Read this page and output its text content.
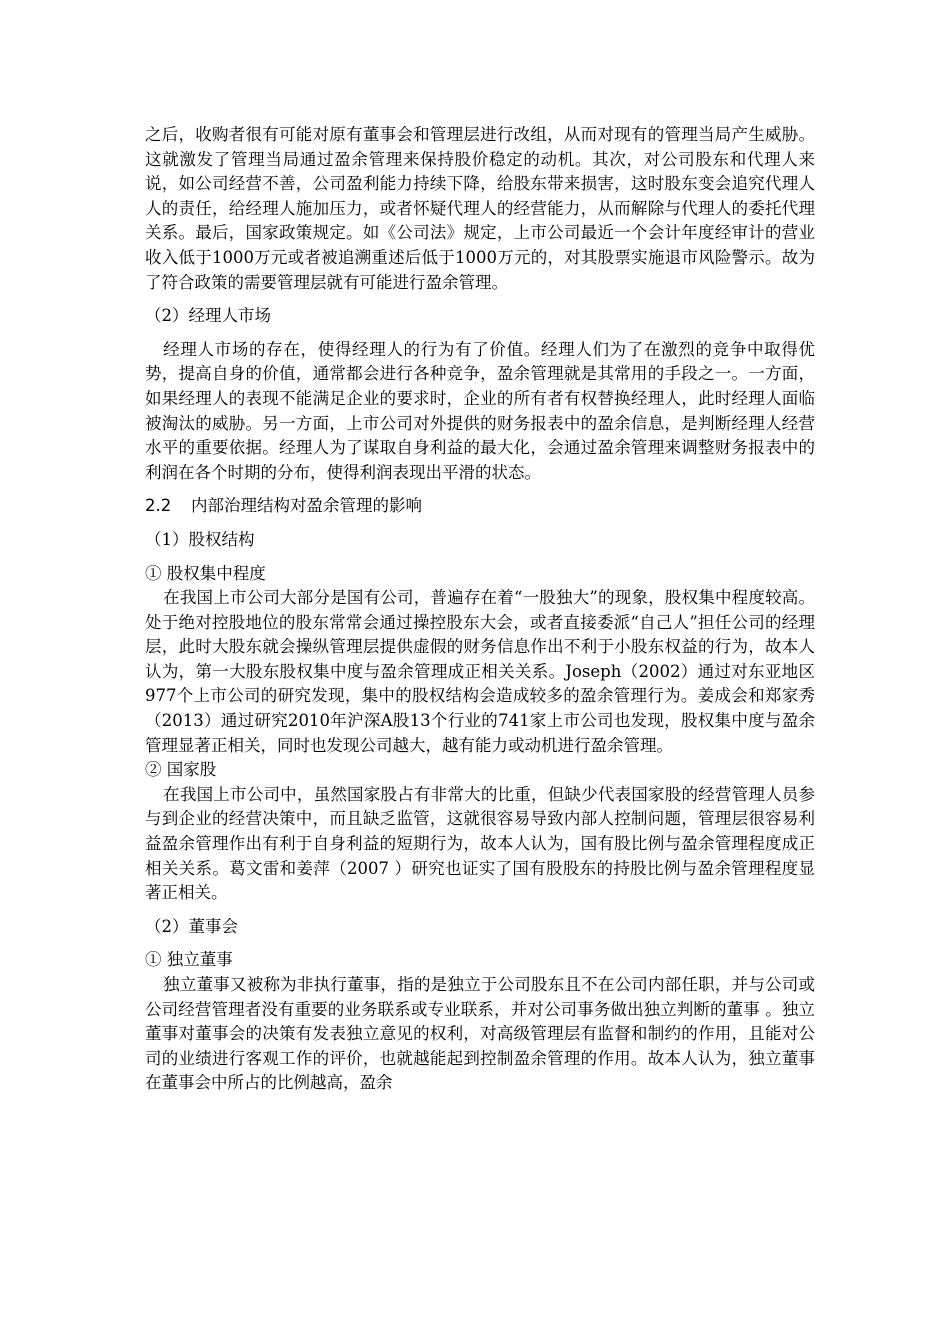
之后，收购者很有可能对原有董事会和管理层进行改组，从而对现有的管理当局产生威胁。这就激发了管理当局通过盈余管理来保持股价稳定的动机。其次，对公司股东和代理人来说，如公司经营不善，公司盈利能力持续下降，给股东带来损害，这时股东变会追究代理人人的责任，给经理人施加压力，或者怀疑代理人的经营能力，从而解除与代理人的委托代理关系。最后，国家政策规定。如《公司法》规定，上市公司最近一个会计年度经审计的营业收入低于1000万元或者被追溯重述后低于1000万元的，对其股票实施退市风险警示。故为了符合政策的需要管理层就有可能进行盈余管理。

（2）经理人市场

经理人市场的存在，使得经理人的行为有了价值。经理人们为了在激烈的竞争中取得优势，提高自身的价值，通常都会进行各种竞争，盈余管理就是其常用的手段之一。一方面，如果经理人的表现不能满足企业的要求时，企业的所有者有权替换经理人，此时经理人面临被淘汰的威胁。另一方面，上市公司对外提供的财务报表中的盈余信息，是判断经理人经营水平的重要依据。经理人为了谋取自身利益的最大化，会通过盈余管理来调整财务报表中的利润在各个时期的分布，使得利润表现出平滑的状态。

2.2 内部治理结构对盈余管理的影响

（1）股权结构

① 股权集中程度

在我国上市公司大部分是国有公司，普遍存在着“一股独大”的现象，股权集中程度较高。处于绝对控股地位的股东常常会通过操控股东大会，或者直接委派“自己人”担任公司的经理层，此时大股东就会操纵管理层提供虚假的财务信息作出不利于小股东权益的行为，故本人认为，第一大股东股权集中度与盈余管理成正相关关系。Joseph（2002）通过对东亚地区977个上市公司的研究发现，集中的股权结构会造成较多的盈余管理行为。姜成会和郑家秀（2013）通过研究2010年沪深A股13个行业的741家上市公司也发现，股权集中度与盈余管理显著正相关，同时也发现公司越大，越有能力或动机进行盈余管理。

② 国家股

在我国上市公司中，虽然国家股占有非常大的比重，但缺少代表国家股的经营管理人员参与到企业的经营决策中，而且缺乏监管，这就很容易导致内部人控制问题，管理层很容易利益盈余管理作出有利于自身利益的短期行为，故本人认为，国有股比例与盈余管理程度成正相关关系。葛文雷和姜萍（2007 ）研究也证实了国有股股东的持股比例与盈余管理程度显著正相关。

（2）董事会

① 独立董事

独立董事又被称为非执行董事，指的是独立于公司股东且不在公司内部任职，并与公司或公司经营管理者没有重要的业务联系或专业联系，并对公司事务做出独立判断的董事 。独立董事对董事会的决策有发表独立意见的权利，对高级管理层有监督和制约的作用，且能对公司的业绩进行客观工作的评价，也就越能起到控制盈余管理的作用。故本人认为，独立董事在董事会中所占的比例越高，盈余
